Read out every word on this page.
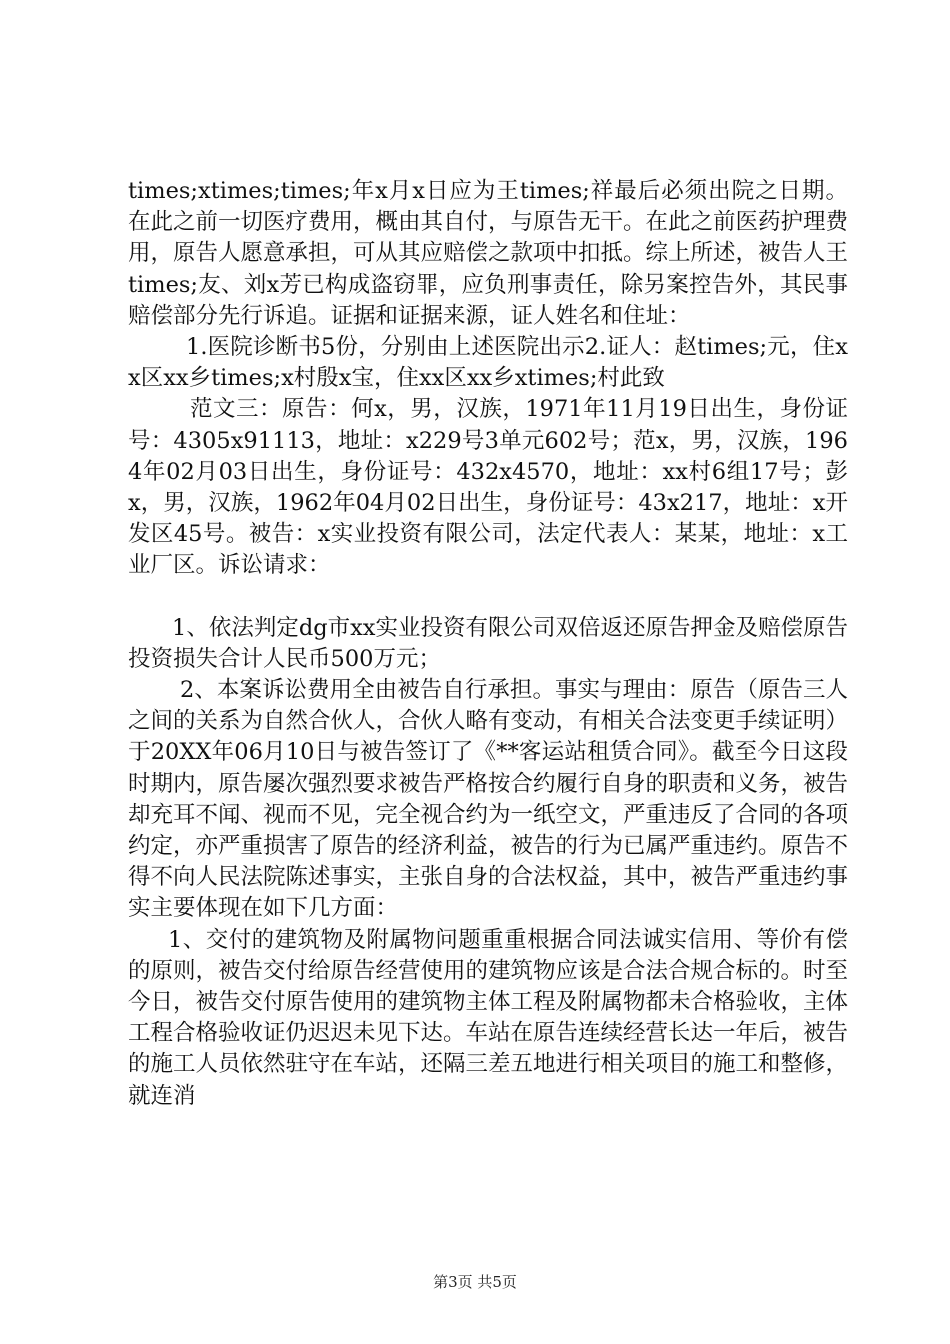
times;xtimes;times;年x月x日应为王times;祥最后必须出院之日期。在此之前一切医疗费用，概由其自付，与原告无干。在此之前医药护理费用，原告人愿意承担，可从其应赔偿之款项中扣抵。综上所述，被告人王times;友、刘x芳已构成盗窃罪，应负刑事责任，除另案控告外，其民事赔偿部分先行诉追。证据和证据来源，证人姓名和住址：

1.医院诊断书5份，分别由上述医院出示2.证人：赵times;元，住xx区xx乡times;x村殷x宝，住xx区xx乡xtimes;村此致

范文三：原告：何x，男，汉族，1971年11月19日出生，身份证号：4305x91113，地址：x229号3单元602号；范x，男，汉族，1964年02月03日出生，身份证号：432x4570，地址：xx村6组17号；彭x，男，汉族，1962年04月02日出生，身份证号：43x217，地址：x开发区45号。被告：x实业投资有限公司，法定代表人：某某，地址：x工业厂区。诉讼请求：

1、依法判定dg市xx实业投资有限公司双倍返还原告押金及赔偿原告投资损失合计人民币500万元；

2、本案诉讼费用全由被告自行承担。事实与理由：原告（原告三人之间的关系为自然合伙人，合伙人略有变动，有相关合法变更手续证明）于20XX年06月10日与被告签订了《**客运站租赁合同》。截至今日这段时期内，原告屡次强烈要求被告严格按合约履行自身的职责和义务，被告却充耳不闻、视而不见，完全视合约为一纸空文，严重违反了合同的各项约定，亦严重损害了原告的经济利益，被告的行为已属严重违约。原告不得不向人民法院陈述事实，主张自身的合法权益，其中，被告严重违约事实主要体现在如下几方面：

1、交付的建筑物及附属物问题重重根据合同法诚实信用、等价有偿的原则，被告交付给原告经营使用的建筑物应该是合法合规合标的。时至今日，被告交付原告使用的建筑物主体工程及附属物都未合格验收，主体工程合格验收证仍迟迟未见下达。车站在原告连续经营长达一年后，被告的施工人员依然驻守在车站，还隔三差五地进行相关项目的施工和整修，就连消

第3页 共5页
